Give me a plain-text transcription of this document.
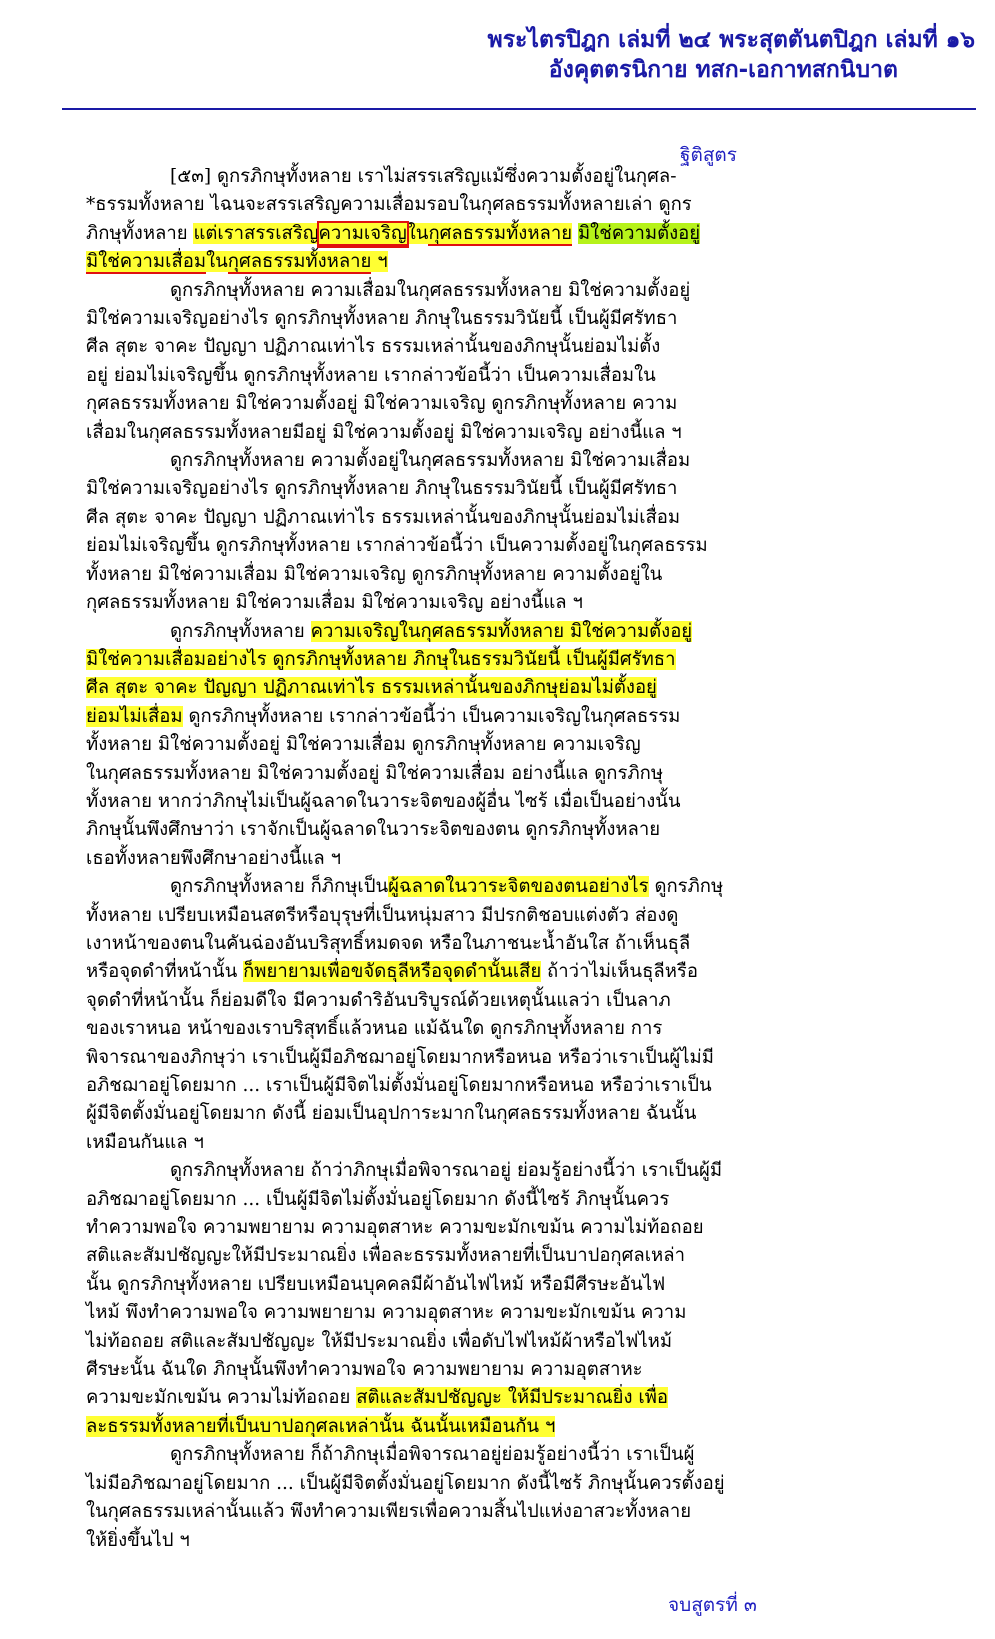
พระไตรปิฎก เล่มที่ ๒๔ พระสุตตันตปิฎก เล่มที่ ๑๖
อังคุตตรนิกาย ทสก-เอกาทสกนิบาต
ฐิติสูตร
[๕๓] ดูกรภิกษุทั้งหลาย เราไม่สรรเสริญแม้ซึ่งความตั้งอยู่ในกุศล-
*ธรรมทั้งหลาย ไฉนจะสรรเสริญความเสื่อมรอบในกุศลธรรมทั้งหลายเล่า ดูกร
ภิกษุทั้งหลาย แต่เราสรรเสริญความเจริญในกุศลธรรมทั้งหลาย มิใช่ความตั้งอยู่
มิใช่ความเสื่อมในกุศลธรรมทั้งหลาย ฯ
ดูกรภิกษุทั้งหลาย ความเสื่อมในกุศลธรรมทั้งหลาย มิใช่ความตั้งอยู่
มิใช่ความเจริญอย่างไร ดูกรภิกษุทั้งหลาย ภิกษุในธรรมวินัยนี้ เป็นผู้มีศรัทธา
ศีล สุตะ จาคะ ปัญญา ปฏิภาณเท่าไร ธรรมเหล่านั้นของภิกษุนั้นย่อมไม่ตั้ง
อยู่ ย่อมไม่เจริญขึ้น ดูกรภิกษุทั้งหลาย เรากล่าวข้อนี้ว่า เป็นความเสื่อมใน
กุศลธรรมทั้งหลาย มิใช่ความตั้งอยู่ มิใช่ความเจริญ ดูกรภิกษุทั้งหลาย ความ
เสื่อมในกุศลธรรมทั้งหลายมีอยู่ มิใช่ความตั้งอยู่ มิใช่ความเจริญ อย่างนี้แล ฯ
ดูกรภิกษุทั้งหลาย ความตั้งอยู่ในกุศลธรรมทั้งหลาย มิใช่ความเสื่อม
มิใช่ความเจริญอย่างไร ดูกรภิกษุทั้งหลาย ภิกษุในธรรมวินัยนี้ เป็นผู้มีศรัทธา
ศีล สุตะ จาคะ ปัญญา ปฏิภาณเท่าไร ธรรมเหล่านั้นของภิกษุนั้นย่อมไม่เสื่อม
ย่อมไม่เจริญขึ้น ดูกรภิกษุทั้งหลาย เรากล่าวข้อนี้ว่า เป็นความตั้งอยู่ในกุศลธรรม
ทั้งหลาย มิใช่ความเสื่อม มิใช่ความเจริญ ดูกรภิกษุทั้งหลาย ความตั้งอยู่ใน
กุศลธรรมทั้งหลาย มิใช่ความเสื่อม มิใช่ความเจริญ อย่างนี้แล ฯ
ดูกรภิกษุทั้งหลาย ความเจริญในกุศลธรรมทั้งหลาย มิใช่ความตั้งอยู่
มิใช่ความเสื่อมอย่างไร ดูกรภิกษุทั้งหลาย ภิกษุในธรรมวินัยนี้ เป็นผู้มีศรัทธา
ศีล สุตะ จาคะ ปัญญา ปฏิภาณเท่าไร ธรรมเหล่านั้นของภิกษุย่อมไม่ตั้งอยู่
ย่อมไม่เสื่อม ดูกรภิกษุทั้งหลาย เรากล่าวข้อนี้ว่า เป็นความเจริญในกุศลธรรม
ทั้งหลาย มิใช่ความตั้งอยู่ มิใช่ความเสื่อม ดูกรภิกษุทั้งหลาย ความเจริญ
ในกุศลธรรมทั้งหลาย มิใช่ความตั้งอยู่ มิใช่ความเสื่อม อย่างนี้แล ดูกรภิกษุ
ทั้งหลาย หากว่าภิกษุไม่เป็นผู้ฉลาดในวาระจิตของผู้อื่น ไซร้ เมื่อเป็นอย่างนั้น
ภิกษุนั้นพึงศึกษาว่า เราจักเป็นผู้ฉลาดในวาระจิตของตน ดูกรภิกษุทั้งหลาย
เธอทั้งหลายพึงศึกษาอย่างนี้แล ฯ
ดูกรภิกษุทั้งหลาย ก็ภิกษุเป็นผู้ฉลาดในวาระจิตของตนอย่างไร ดูกรภิกษุ
ทั้งหลาย เปรียบเหมือนสตรีหรือบุรุษที่เป็นหนุ่มสาว มีปรกติชอบแต่งตัว ส่องดู
เงาหน้าของตนในคันฉ่องอันบริสุทธิ์หมดจด หรือในภาชนะน้ำอันใส ถ้าเห็นธุลี
หรือจุดดำที่หน้านั้น ก็พยายามเพื่อขจัดธุลีหรือจุดดำนั้นเสีย ถ้าว่าไม่เห็นธุลีหรือ
จุดดำที่หน้านั้น ก็ย่อมดีใจ มีความดำริอันบริบูรณ์ด้วยเหตุนั้นแลว่า เป็นลาภ
ของเราหนอ หน้าของเราบริสุทธิ์แล้วหนอ แม้ฉันใด ดูกรภิกษุทั้งหลาย การ
พิจารณาของภิกษุว่า เราเป็นผู้มีอภิชฌาอยู่โดยมากหรือหนอ หรือว่าเราเป็นผู้ไม่มี
อภิชฌาอยู่โดยมาก ... เราเป็นผู้มีจิตไม่ตั้งมั่นอยู่โดยมากหรือหนอ หรือว่าเราเป็น
ผู้มีจิตตั้งมั่นอยู่โดยมาก ดังนี้ ย่อมเป็นอุปการะมากในกุศลธรรมทั้งหลาย ฉันนั้น
เหมือนกันแล ฯ
ดูกรภิกษุทั้งหลาย ถ้าว่าภิกษุเมื่อพิจารณาอยู่ ย่อมรู้อย่างนี้ว่า เราเป็นผู้มี
อภิชฌาอยู่โดยมาก ... เป็นผู้มีจิตไม่ตั้งมั่นอยู่โดยมาก ดังนี้ไซร้ ภิกษุนั้นควร
ทำความพอใจ ความพยายาม ความอุตสาหะ ความขะมักเขม้น ความไม่ท้อถอย
สติและสัมปชัญญะให้มีประมาณยิ่ง เพื่อละธรรมทั้งหลายที่เป็นบาปอกุศลเหล่า
นั้น ดูกรภิกษุทั้งหลาย เปรียบเหมือนบุคคลมีผ้าอันไฟไหม้ หรือมีศีรษะอันไฟ
ไหม้ พึงทำความพอใจ ความพยายาม ความอุตสาหะ ความขะมักเขม้น ความ
ไม่ท้อถอย สติและสัมปชัญญะ ให้มีประมาณยิ่ง เพื่อดับไฟไหม้ผ้าหรือไฟไหม้
ศีรษะนั้น ฉันใด ภิกษุนั้นพึงทำความพอใจ ความพยายาม ความอุตสาหะ
ความขะมักเขม้น ความไม่ท้อถอย สติและสัมปชัญญะ ให้มีประมาณยิ่ง เพื่อ
ละธรรมทั้งหลายที่เป็นบาปอกุศลเหล่านั้น ฉันนั้นเหมือนกัน ฯ
ดูกรภิกษุทั้งหลาย ก็ถ้าภิกษุเมื่อพิจารณาอยู่ย่อมรู้อย่างนี้ว่า เราเป็นผู้
ไม่มีอภิชฌาอยู่โดยมาก ... เป็นผู้มีจิตตั้งมั่นอยู่โดยมาก ดังนี้ไซร้ ภิกษุนั้นควรตั้งอยู่
ในกุศลธรรมเหล่านั้นแล้ว พึงทำความเพียรเพื่อความสิ้นไปแห่งอาสวะทั้งหลาย
ให้ยิ่งขึ้นไป ฯ
จบสูตรที่ ๓
